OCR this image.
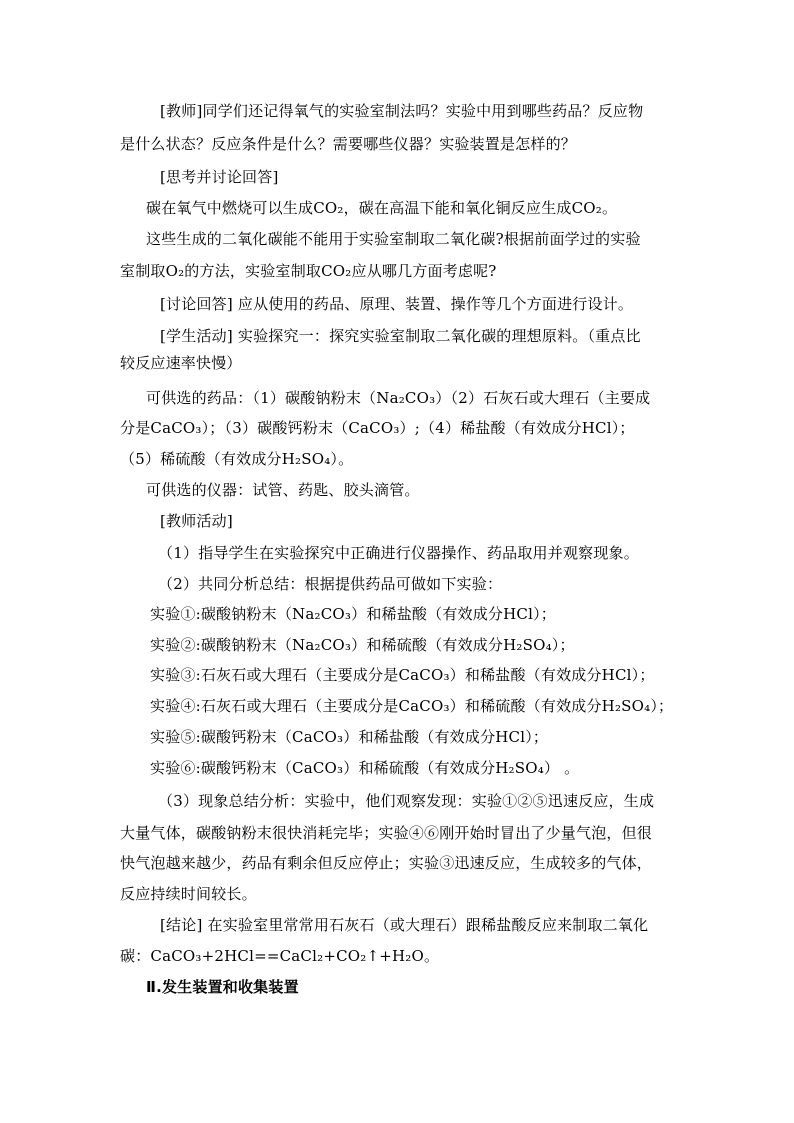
[教师]同学们还记得氧气的实验室制法吗？实验中用到哪些药品？反应物
是什么状态？反应条件是什么？需要哪些仪器？实验装置是怎样的？
[思考并讨论回答]
碳在氧气中燃烧可以生成CO₂，碳在高温下能和氧化铜反应生成CO₂。
这些生成的二氧化碳能不能用于实验室制取二氧化碳?根据前面学过的实验
室制取O₂的方法，实验室制取CO₂应从哪几方面考虑呢?
[讨论回答] 应从使用的药品、原理、装置、操作等几个方面进行设计。
[学生活动] 实验探究一：探究实验室制取二氧化碳的理想原料。（重点比
较反应速率快慢）
可供选的药品：（1）碳酸钠粉末（Na₂CO₃）（2）石灰石或大理石（主要成
分是CaCO₃）；（3）碳酸钙粉末（CaCO₃）;（4）稀盐酸（有效成分HCl）；
（5）稀硫酸（有效成分H₂SO₄）。
可供选的仪器：试管、药匙、胶头滴管。
[教师活动]
（1）指导学生在实验探究中正确进行仪器操作、药品取用并观察现象。
（2）共同分析总结：根据提供药品可做如下实验：
实验①:碳酸钠粉末（Na₂CO₃）和稀盐酸（有效成分HCl）；
实验②:碳酸钠粉末（Na₂CO₃）和稀硫酸（有效成分H₂SO₄）；
实验③:石灰石或大理石（主要成分是CaCO₃）和稀盐酸（有效成分HCl）；
实验④:石灰石或大理石（主要成分是CaCO₃）和稀硫酸（有效成分H₂SO₄）；
实验⑤:碳酸钙粉末（CaCO₃）和稀盐酸（有效成分HCl）；
实验⑥:碳酸钙粉末（CaCO₃）和稀硫酸（有效成分H₂SO₄） 。
（3）现象总结分析：实验中，他们观察发现：实验①②⑤迅速反应，生成
大量气体，碳酸钠粉末很快消耗完毕；实验④⑥刚开始时冒出了少量气泡，但很
快气泡越来越少，药品有剩余但反应停止；实验③迅速反应，生成较多的气体，
反应持续时间较长。
[结论] 在实验室里常常用石灰石（或大理石）跟稀盐酸反应来制取二氧化
碳：CaCO₃+2HCl==CaCl₂+CO₂↑+H₂O。
Ⅱ.发生装置和收集装置
